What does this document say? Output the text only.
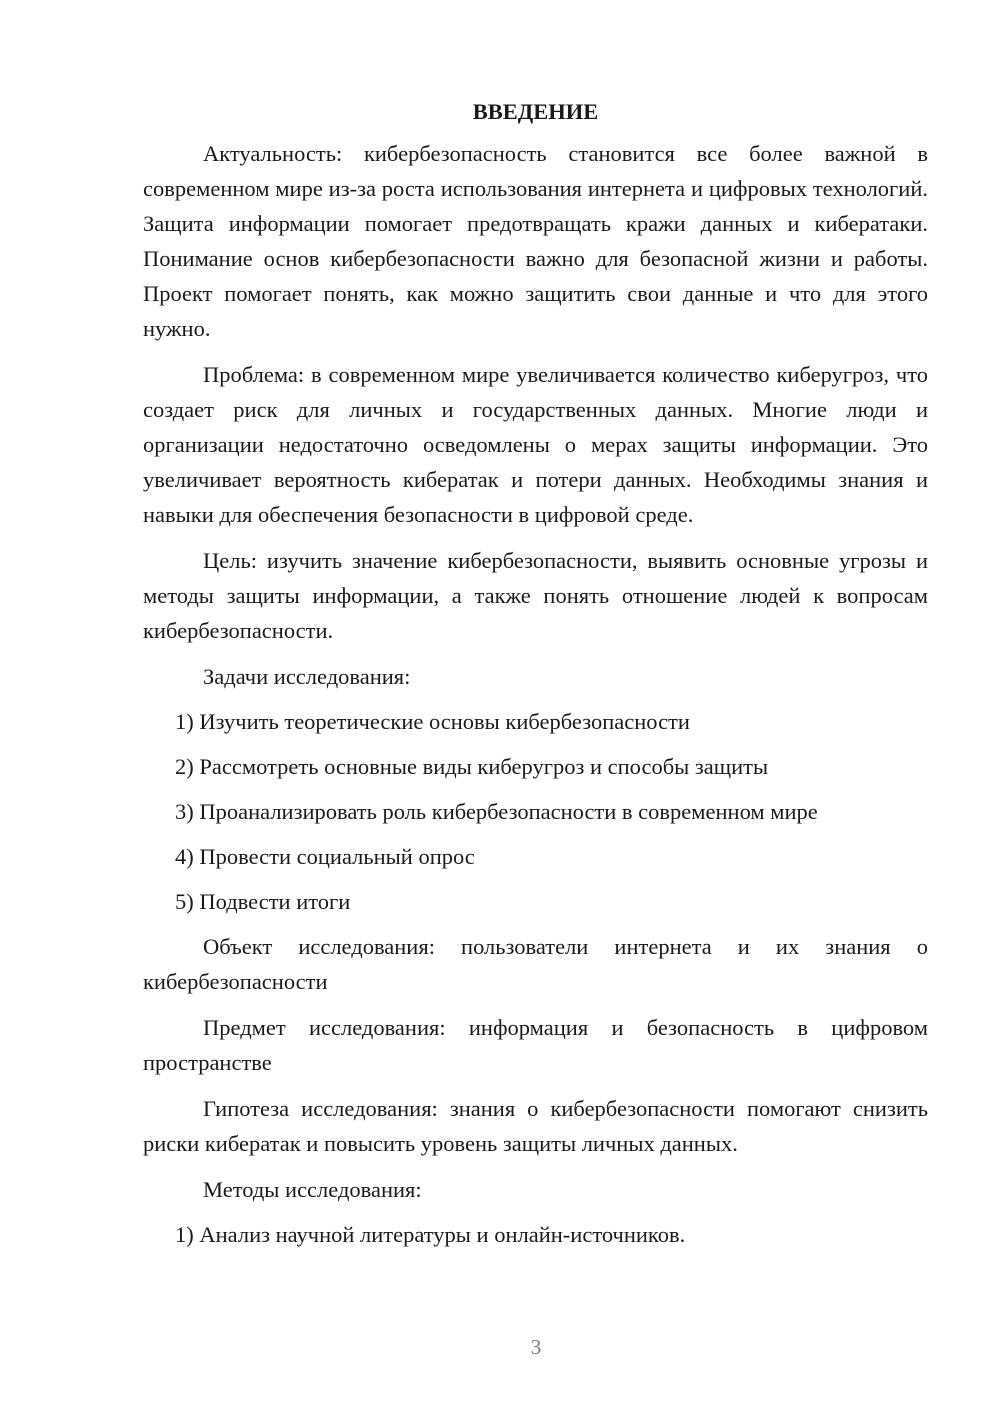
ВВЕДЕНИЕ
Актуальность: кибербезопасность становится все более важной в современном мире из-за роста использования интернета и цифровых технологий. Защита информации помогает предотвращать кражи данных и кибератаки. Понимание основ кибербезопасности важно для безопасной жизни и работы. Проект помогает понять, как можно защитить свои данные и что для этого нужно.
Проблема: в современном мире увеличивается количество киберугроз, что создает риск для личных и государственных данных. Многие люди и организации недостаточно осведомлены о мерах защиты информации. Это увеличивает вероятность кибератак и потери данных. Необходимы знания и навыки для обеспечения безопасности в цифровой среде.
Цель: изучить значение кибербезопасности, выявить основные угрозы и методы защиты информации, а также понять отношение людей к вопросам кибербезопасности.
Задачи исследования:
1) Изучить теоретические основы кибербезопасности
2) Рассмотреть основные виды киберугроз и способы защиты
3) Проанализировать роль кибербезопасности в современном мире
4) Провести социальный опрос
5) Подвести итоги
Объект исследования: пользователи интернета и их знания о кибербезопасности
Предмет исследования: информация и безопасность в цифровом пространстве
Гипотеза исследования: знания о кибербезопасности помогают снизить риски кибератак и повысить уровень защиты личных данных.
Методы исследования:
1) Анализ научной литературы и онлайн-источников.
3
